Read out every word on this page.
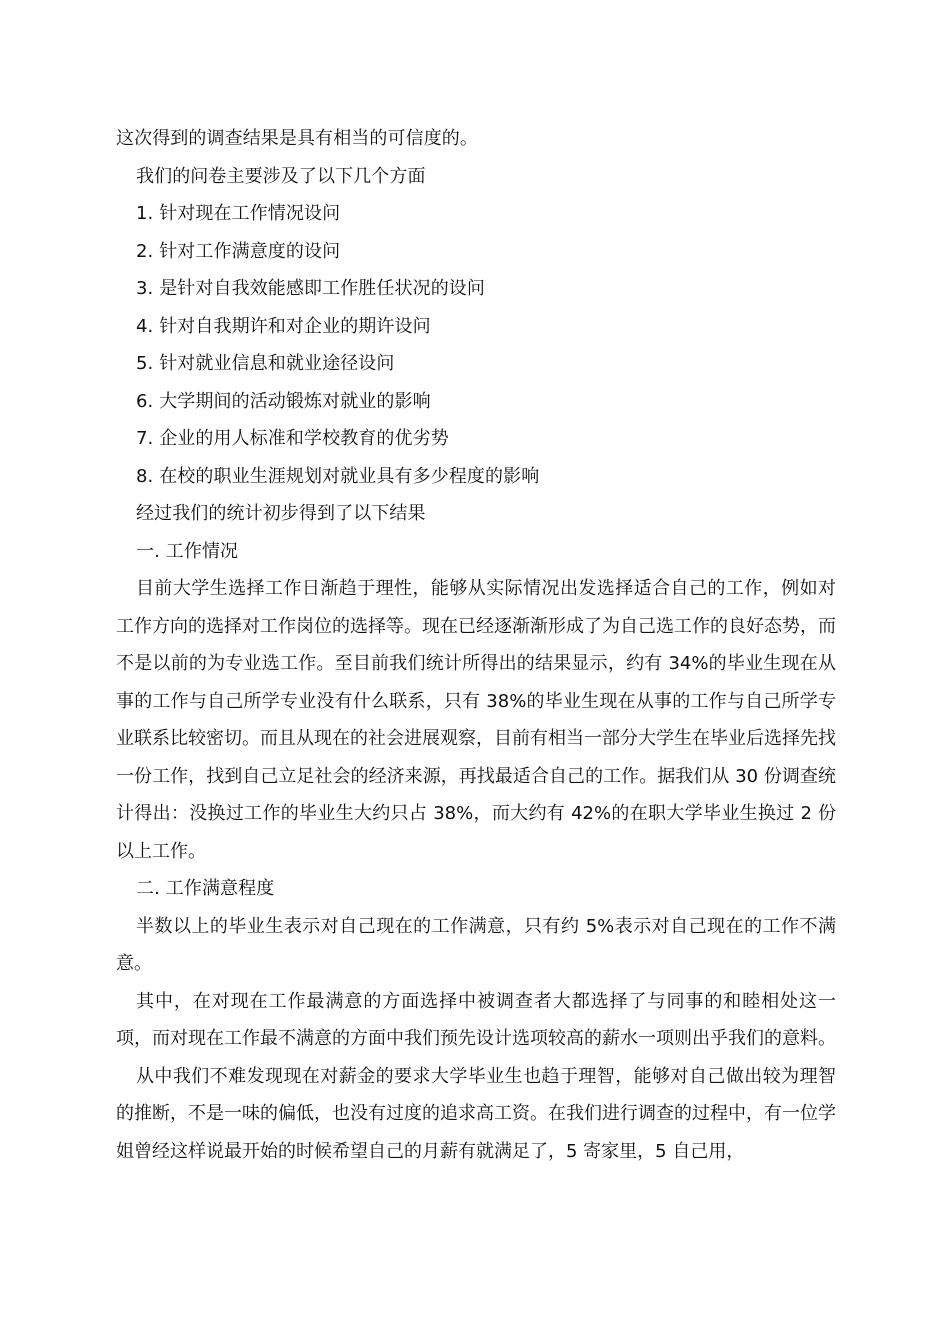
这次得到的调查结果是具有相当的可信度的。

我们的问卷主要涉及了以下几个方面

1. 针对现在工作情况设问

2. 针对工作满意度的设问

3. 是针对自我效能感即工作胜任状况的设问

4. 针对自我期许和对企业的期许设问

5. 针对就业信息和就业途径设问

6. 大学期间的活动锻炼对就业的影响

7. 企业的用人标准和学校教育的优劣势

8. 在校的职业生涯规划对就业具有多少程度的影响

经过我们的统计初步得到了以下结果

一. 工作情况

目前大学生选择工作日渐趋于理性，能够从实际情况出发选择适合自己的工作，例如对工作方向的选择对工作岗位的选择等。现在已经逐渐渐形成了为自己选工作的良好态势，而不是以前的为专业选工作。至目前我们统计所得出的结果显示，约有 34%的毕业生现在从事的工作与自己所学专业没有什么联系，只有 38%的毕业生现在从事的工作与自己所学专业联系比较密切。而且从现在的社会进展观察，目前有相当一部分大学生在毕业后选择先找一份工作，找到自己立足社会的经济来源，再找最适合自己的工作。据我们从 30 份调查统计得出：没换过工作的毕业生大约只占 38%，而大约有 42%的在职大学毕业生换过 2 份以上工作。

二. 工作满意程度

半数以上的毕业生表示对自己现在的工作满意，只有约 5%表示对自己现在的工作不满意。

其中，在对现在工作最满意的方面选择中被调查者大都选择了与同事的和睦相处这一项，而对现在工作最不满意的方面中我们预先设计选项较高的薪水一项则出乎我们的意料。

从中我们不难发现现在对薪金的要求大学毕业生也趋于理智，能够对自己做出较为理智的推断，不是一味的偏低，也没有过度的追求高工资。在我们进行调查的过程中，有一位学姐曾经这样说最开始的时候希望自己的月薪有就满足了，5 寄家里，5 自己用，
